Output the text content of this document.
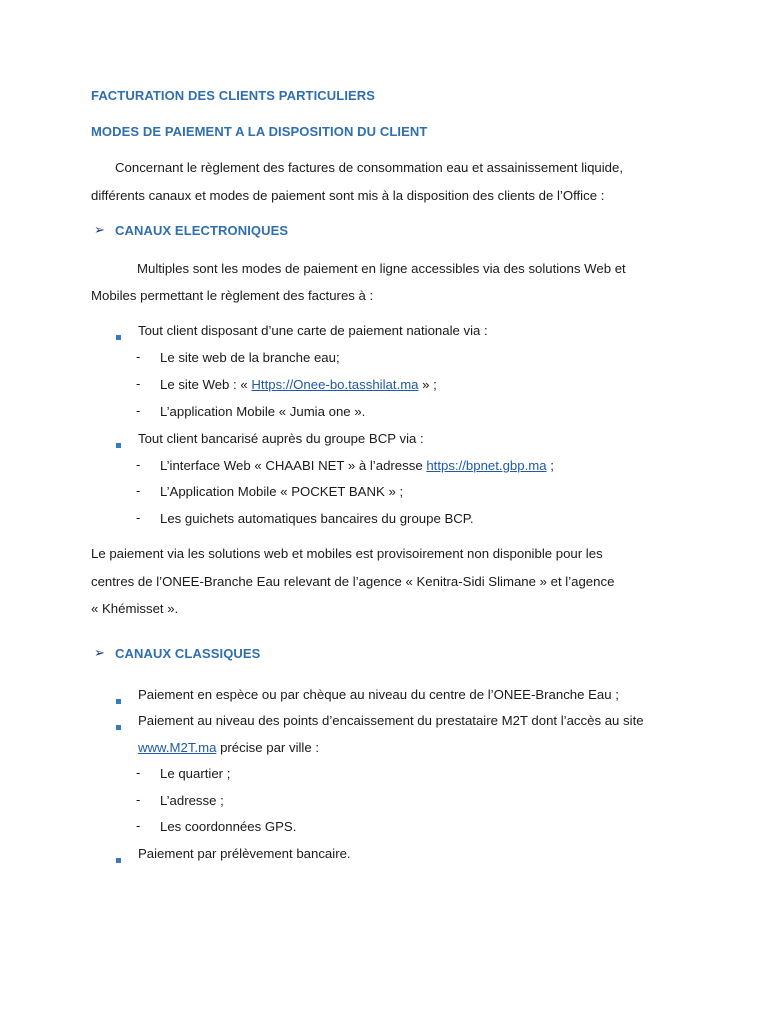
FACTURATION DES CLIENTS PARTICULIERS
MODES DE PAIEMENT A LA DISPOSITION DU CLIENT
Concernant le règlement des factures de consommation eau et assainissement liquide,
différents canaux et modes de paiement sont mis à la disposition des clients de l’Office :
➢ CANAUX ELECTRONIQUES
Multiples sont les modes de paiement en ligne accessibles via des solutions Web et
Mobiles permettant le règlement des factures à :
Tout client disposant d’une carte de paiement nationale via :
- Le site web de la branche eau;
- Le site Web : « Https://Onee-bo.tasshilat.ma » ;
- L’application Mobile « Jumia one ».
Tout client bancarisé auprès du groupe BCP via :
- L’interface Web « CHAABI NET » à l’adresse https://bpnet.gbp.ma ;
- L’Application Mobile « POCKET BANK » ;
- Les guichets automatiques bancaires du groupe BCP.
Le paiement via les solutions web et mobiles est provisoirement non disponible pour les
centres de l’ONEE-Branche Eau relevant de l’agence « Kenitra-Sidi Slimane » et l’agence
« Khémisset ».
➢ CANAUX CLASSIQUES
Paiement en espèce ou par chèque au niveau du centre de l’ONEE-Branche Eau ;
Paiement au niveau des points d’encaissement du prestataire M2T dont l’accès au site
www.M2T.ma précise par ville :
- Le quartier ;
- L’adresse ;
- Les coordonnées GPS.
Paiement par prélèvement bancaire.
